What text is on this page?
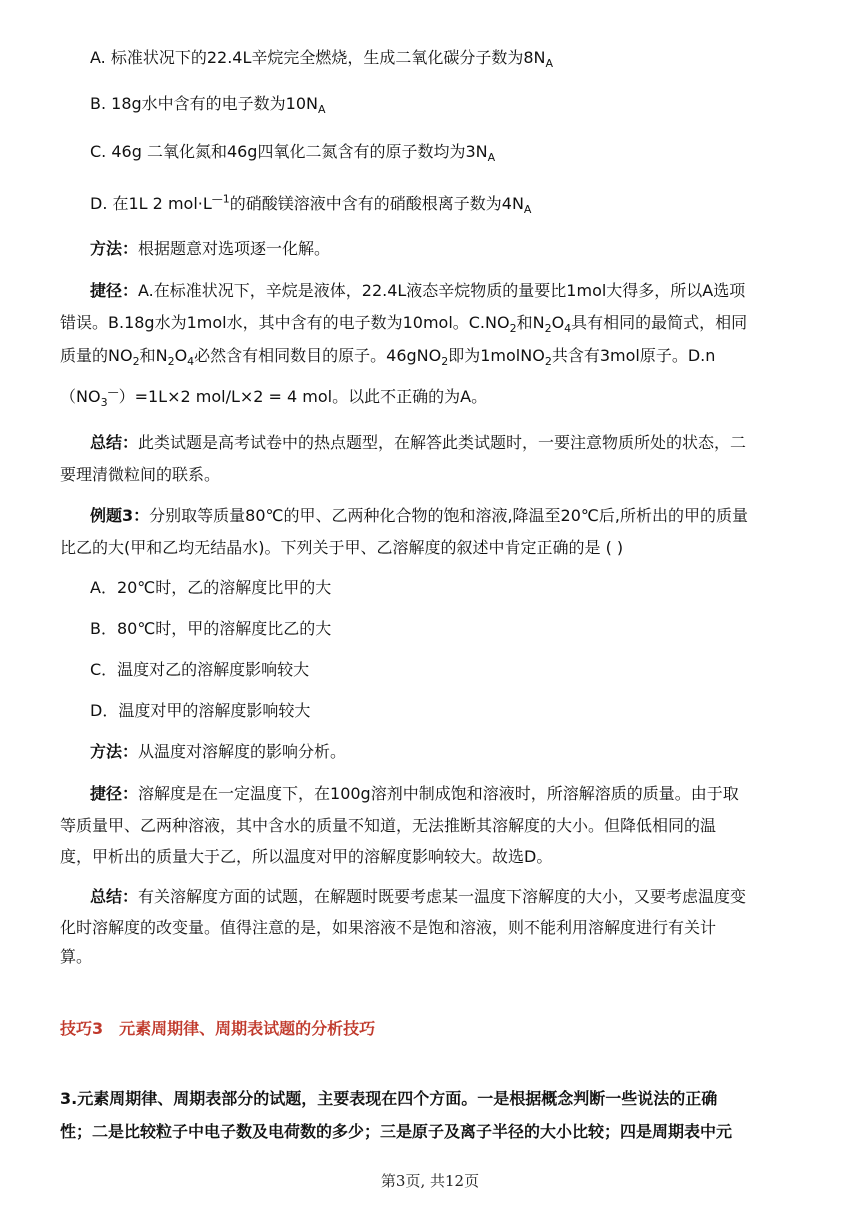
A. 标准状况下的22.4L辛烷完全燃烧，生成二氧化碳分子数为$8N_A$
B. 18g水中含有的电子数为$10N_A$
C. 46g 二氧化氮和46g四氧化二氮含有的原子数均为$3N_A$
D. 在1L 2 $mol\cdot L^{—1}$的硝酸镁溶液中含有的硝酸根离子数为$4N_A$
方法：根据题意对选项逐一化解。
捷径：A.在标准状况下，辛烷是液体，22.4L液态辛烷物质的量要比1mol大得多，所以A选项
错误。B.18g水为1mol水，其中含有的电子数为10mol。$C.NO_2$和$N_2O_4$具有相同的最简式，相同
质量的$NO_2$和$N_2O_4$必然含有相同数目的原子。46gNO$_2$即为1molNO$_2$共含有3mol原子。D.n
$(NO_3^—)=1L\times 2$ mol/L×2 = 4 mol。以此不正确的为A。
总结：此类试题是高考试卷中的热点题型，在解答此类试题时，一要注意物质所处的状态，二
要理清微粒间的联系。
例题3：分别取等质量80℃的甲、乙两种化合物的饱和溶液,降温至20℃后,所析出的甲的质量
比乙的大(甲和乙均无结晶水)。下列关于甲、乙溶解度的叙述中肯定正确的是 ( )
A．20℃时，乙的溶解度比甲的大
B．80℃时，甲的溶解度比乙的大
C．温度对乙的溶解度影响较大
D．温度对甲的溶解度影响较大
方法：从温度对溶解度的影响分析。
捷径：溶解度是在一定温度下，在100g溶剂中制成饱和溶液时，所溶解溶质的质量。由于取
等质量甲、乙两种溶液，其中含水的质量不知道，无法推断其溶解度的大小。但降低相同的温
度，甲析出的质量大于乙，所以温度对甲的溶解度影响较大。故选D。
总结：有关溶解度方面的试题，在解题时既要考虑某一温度下溶解度的大小，又要考虑温度变
化时溶解度的改变量。值得注意的是，如果溶液不是饱和溶液，则不能利用溶解度进行有关计
算。
技巧3　元素周期律、周期表试题的分析技巧
3.元素周期律、周期表部分的试题，主要表现在四个方面。一是根据概念判断一些说法的正确
性；二是比较粒子中电子数及电荷数的多少；三是原子及离子半径的大小比较；四是周期表中元
第3页, 共12页
